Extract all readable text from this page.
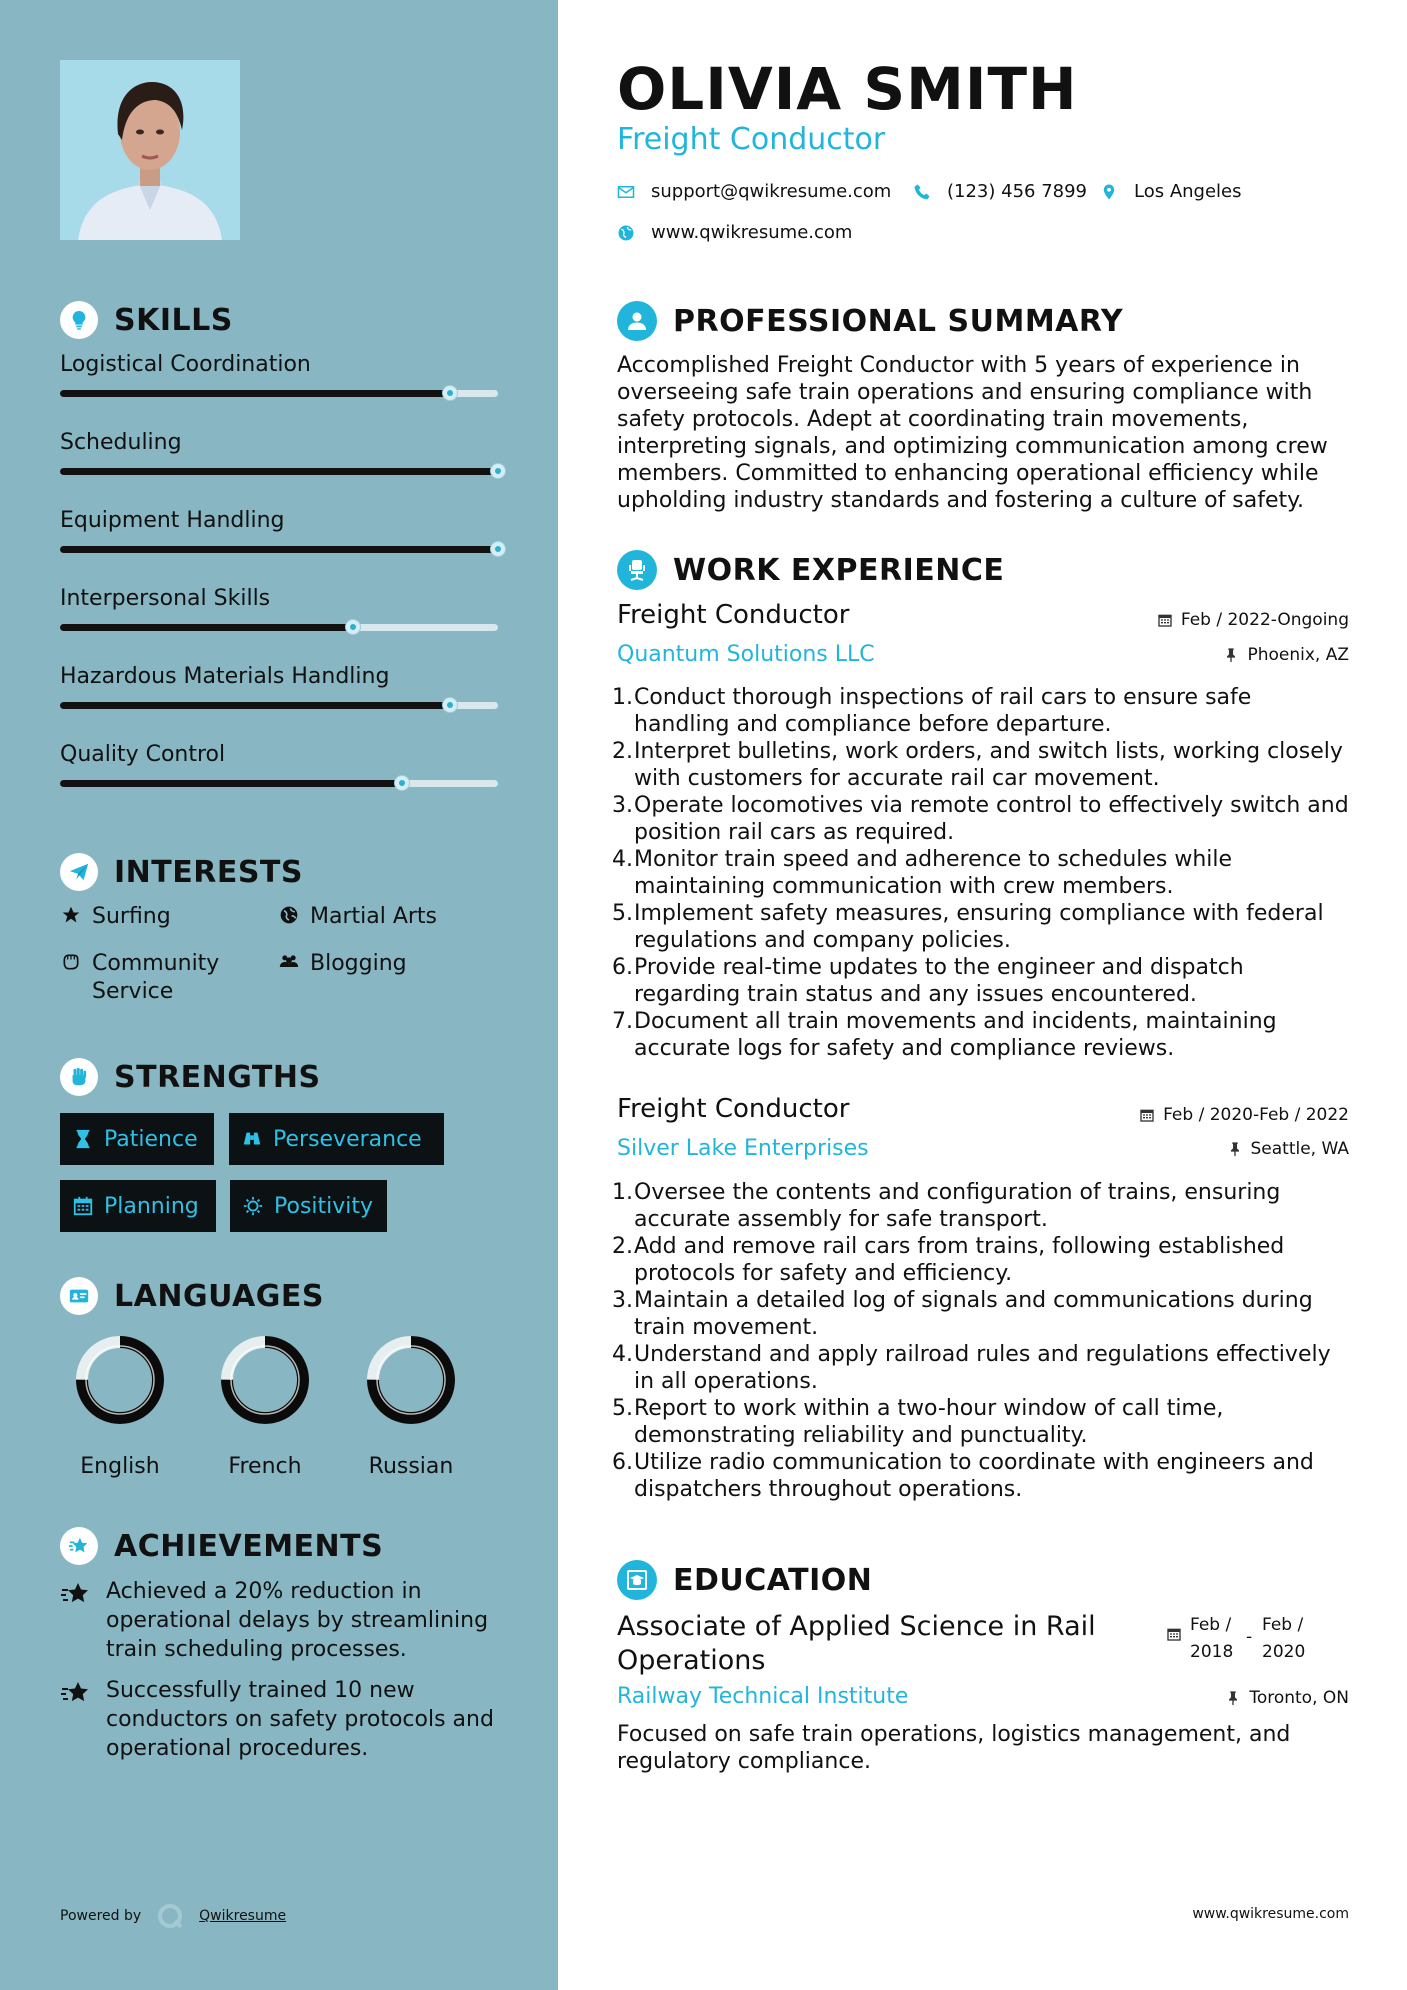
SKILLS
Logistical Coordination
Scheduling
Equipment Handling
Interpersonal Skills
Hazardous Materials Handling
Quality Control
INTERESTS
Surfing	Martial Arts
Community Service
Blogging
STRENGTHS
Patience	Perseverance
Planning	Positivity
LANGUAGES
English	French	Russian
ACHIEVEMENTS
Achieved a 20% reduction in operational delays by streamlining train scheduling processes.
Successfully trained 10 new conductors on safety protocols and operational procedures.
Powered by	Qwikresume
OLIVIA SMITH
Freight Conductor
support@qwikresume.com	(123) 456 7899	Los Angeles
www.qwikresume.com
PROFESSIONAL SUMMARY
Accomplished Freight Conductor with 5 years of experience in overseeing safe train operations and ensuring compliance with safety protocols. Adept at coordinating train movements, interpreting signals, and optimizing communication among crew members. Committed to enhancing operational efficiency while upholding industry standards and fostering a culture of safety.
WORK EXPERIENCE
Freight Conductor	Feb / 2022-Ongoing
Quantum Solutions LLC	Phoenix, AZ
1. Conduct thorough inspections of rail cars to ensure safe handling and compliance before departure.
2. Interpret bulletins, work orders, and switch lists, working closely with customers for accurate rail car movement.
3. Operate locomotives via remote control to effectively switch and position rail cars as required.
4. Monitor train speed and adherence to schedules while maintaining communication with crew members.
5. Implement safety measures, ensuring compliance with federal regulations and company policies.
6. Provide real-time updates to the engineer and dispatch regarding train status and any issues encountered.
7. Document all train movements and incidents, maintaining accurate logs for safety and compliance reviews.
Freight Conductor	Feb / 2020-Feb / 2022
Silver Lake Enterprises	Seattle, WA
1. Oversee the contents and configuration of trains, ensuring accurate assembly for safe transport.
2. Add and remove rail cars from trains, following established protocols for safety and efficiency.
3. Maintain a detailed log of signals and communications during train movement.
4. Understand and apply railroad rules and regulations effectively in all operations.
5. Report to work within a two-hour window of call time, demonstrating reliability and punctuality.
6. Utilize radio communication to coordinate with engineers and dispatchers throughout operations.
EDUCATION
Associate of Applied Science in Rail Operations
Feb /
2018
-
Feb /
2020
Railway Technical Institute	Toronto, ON
Focused on safe train operations, logistics management, and regulatory compliance.
www.qwikresume.com
